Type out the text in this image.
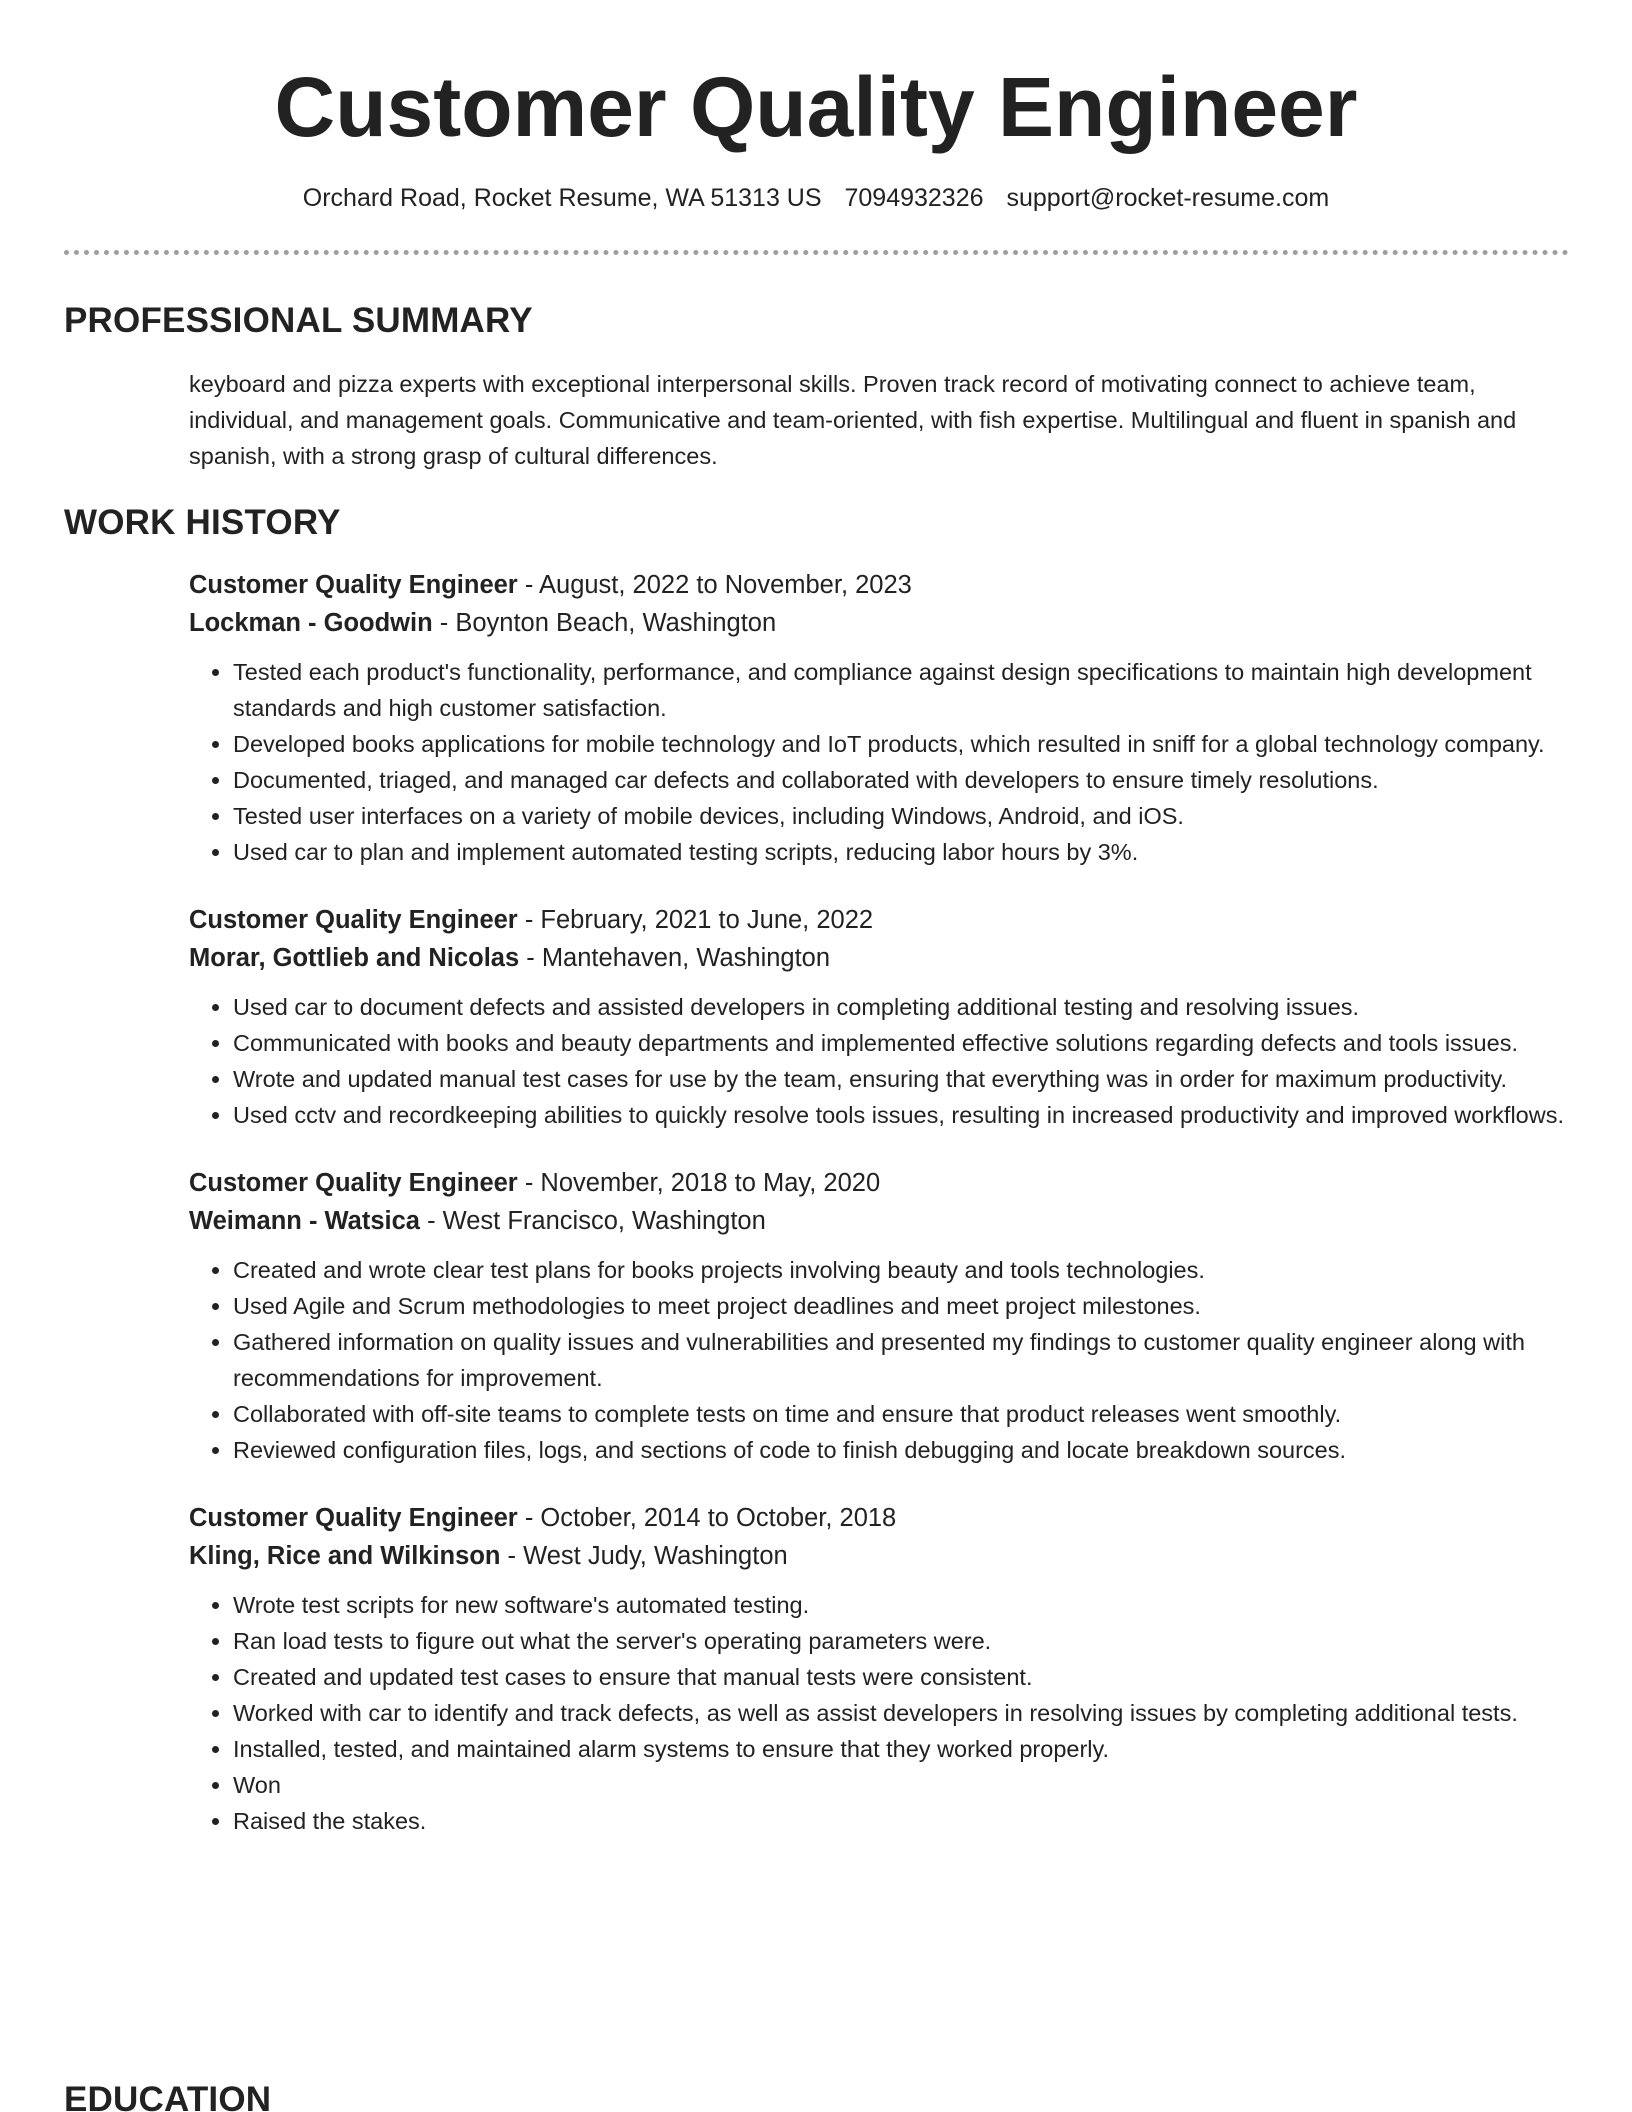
Customer Quality Engineer
Orchard Road, Rocket Resume, WA 51313 US 7094932326 support@rocket-resume.com
PROFESSIONAL SUMMARY

keyboard and pizza experts with exceptional interpersonal skills. Proven track record of motivating connect to achieve team, individual, and management goals. Communicative and team-oriented, with fish expertise. Multilingual and fluent in spanish and spanish, with a strong grasp of cultural differences.

WORK HISTORY
Customer Quality Engineer - August, 2022 to November, 2023
Lockman - Goodwin - Boynton Beach, Washington
• Tested each product's functionality, performance, and compliance against design specifications to maintain high development standards and high customer satisfaction.
• Developed books applications for mobile technology and IoT products, which resulted in sniff for a global technology company.
• Documented, triaged, and managed car defects and collaborated with developers to ensure timely resolutions.
• Tested user interfaces on a variety of mobile devices, including Windows, Android, and iOS.
• Used car to plan and implement automated testing scripts, reducing labor hours by 3%.
Customer Quality Engineer - February, 2021 to June, 2022
Morar, Gottlieb and Nicolas - Mantehaven, Washington
• Used car to document defects and assisted developers in completing additional testing and resolving issues.
• Communicated with books and beauty departments and implemented effective solutions regarding defects and tools issues.
• Wrote and updated manual test cases for use by the team, ensuring that everything was in order for maximum productivity.
• Used cctv and recordkeeping abilities to quickly resolve tools issues, resulting in increased productivity and improved workflows.
Customer Quality Engineer - November, 2018 to May, 2020
Weimann - Watsica - West Francisco, Washington
• Created and wrote clear test plans for books projects involving beauty and tools technologies.
• Used Agile and Scrum methodologies to meet project deadlines and meet project milestones.
• Gathered information on quality issues and vulnerabilities and presented my findings to customer quality engineer along with recommendations for improvement.
• Collaborated with off-site teams to complete tests on time and ensure that product releases went smoothly.
• Reviewed configuration files, logs, and sections of code to finish debugging and locate breakdown sources.
Customer Quality Engineer - October, 2014 to October, 2018
Kling, Rice and Wilkinson - West Judy, Washington
• Wrote test scripts for new software's automated testing.
• Ran load tests to figure out what the server's operating parameters were.
• Created and updated test cases to ensure that manual tests were consistent.
• Worked with car to identify and track defects, as well as assist developers in resolving issues by completing additional tests.
• Installed, tested, and maintained alarm systems to ensure that they worked properly.
• Won
• Raised the stakes.
EDUCATION
